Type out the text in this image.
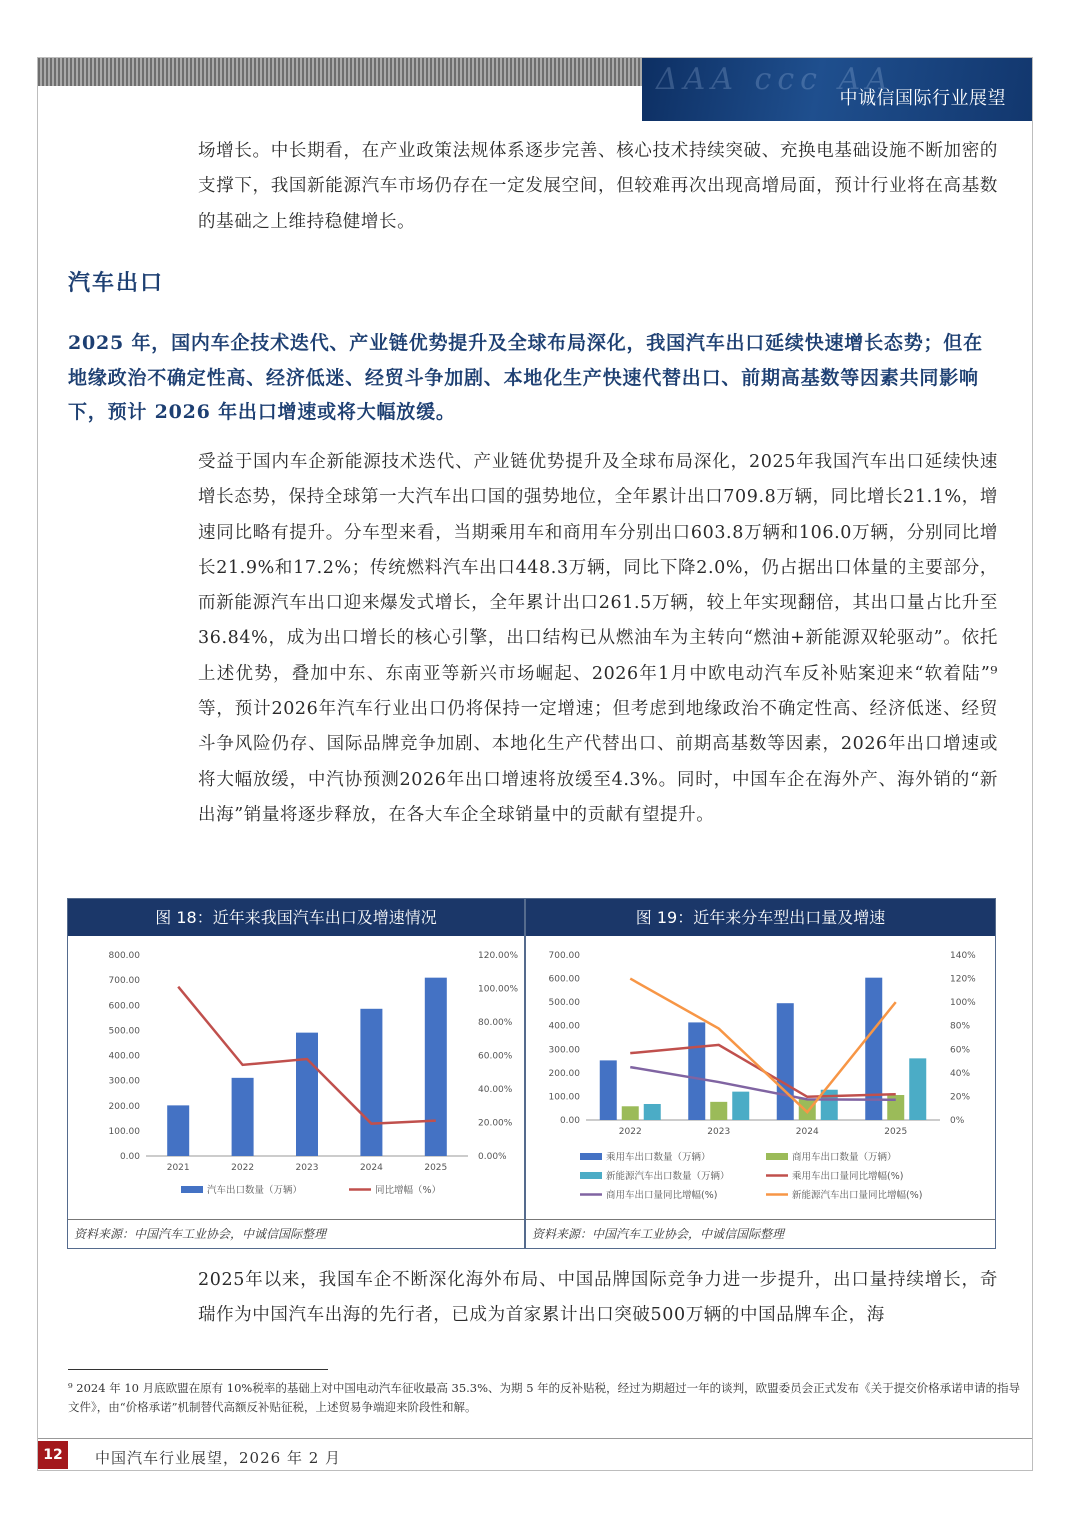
ΔΑΑ ccc ΑΑ
中诚信国际行业展望

场增长。中长期看，在产业政策法规体系逐步完善、核心技术持续突破、充换电基础设施不断加密的支撑下，我国新能源汽车市场仍存在一定发展空间，但较难再次出现高增局面，预计行业将在高基数的基础之上维持稳健增长。

汽车出口

2025 年，国内车企技术迭代、产业链优势提升及全球布局深化，我国汽车出口延续快速增长态势；但在地缘政治不确定性高、经济低迷、经贸斗争加剧、本地化生产快速代替出口、前期高基数等因素共同影响下，预计 2026 年出口增速或将大幅放缓。

受益于国内车企新能源技术迭代、产业链优势提升及全球布局深化，2025年我国汽车出口延续快速增长态势，保持全球第一大汽车出口国的强势地位，全年累计出口709.8万辆，同比增长21.1%，增速同比略有提升。分车型来看，当期乘用车和商用车分别出口603.8万辆和106.0万辆，分别同比增长21.9%和17.2%；传统燃料汽车出口448.3万辆，同比下降2.0%，仍占据出口体量的主要部分，而新能源汽车出口迎来爆发式增长，全年累计出口261.5万辆，较上年实现翻倍，其出口量占比升至36.84%，成为出口增长的核心引擎，出口结构已从燃油车为主转向“燃油+新能源双轮驱动”。依托上述优势，叠加中东、东南亚等新兴市场崛起、2026年1月中欧电动汽车反补贴案迎来“软着陆”⁹等，预计2026年汽车行业出口仍将保持一定增速；但考虑到地缘政治不确定性高、经济低迷、经贸斗争风险仍存、国际品牌竞争加剧、本地化生产代替出口、前期高基数等因素，2026年出口增速或将大幅放缓，中汽协预测2026年出口增速将放缓至4.3%。同时，中国车企在海外产、海外销的“新出海”销量将逐步释放，在各大车企全球销量中的贡献有望提升。

图 18：近年来我国汽车出口及增速情况
0.00
100.00
200.00
300.00
400.00
500.00
600.00
700.00
800.00
0.00%
20.00%
40.00%
60.00%
80.00%
100.00%
120.00%
2021	2022	2023	2024	2025
汽车出口数量（万辆）	同比增幅（%）
资料来源：中国汽车工业协会，中诚信国际整理
图 19：近年来分车型出口量及增速
0.00
100.00
200.00
300.00
400.00
500.00
600.00
700.00
0%
20%
40%
60%
80%
100%
120%
140%
2022	2023	2024	2025
乘用车出口数量（万辆）	商用车出口数量（万辆）
新能源汽车出口数量（万辆）	乘用车出口量同比增幅(%)
商用车出口量同比增幅(%)	新能源汽车出口量同比增幅(%)
资料来源：中国汽车工业协会，中诚信国际整理

2025年以来，我国车企不断深化海外布局、中国品牌国际竞争力进一步提升，出口量持续增长，奇瑞作为中国汽车出海的先行者，已成为首家累计出口突破500万辆的中国品牌车企，海

⁹ 2024 年 10 月底欧盟在原有 10%税率的基础上对中国电动汽车征收最高 35.3%、为期 5 年的反补贴税，经过为期超过一年的谈判，欧盟委员会正式发布《关于提交价格承诺申请的指导文件》，由“价格承诺”机制替代高额反补贴征税，上述贸易争端迎来阶段性和解。

12	中国汽车行业展望，2026 年 2 月
